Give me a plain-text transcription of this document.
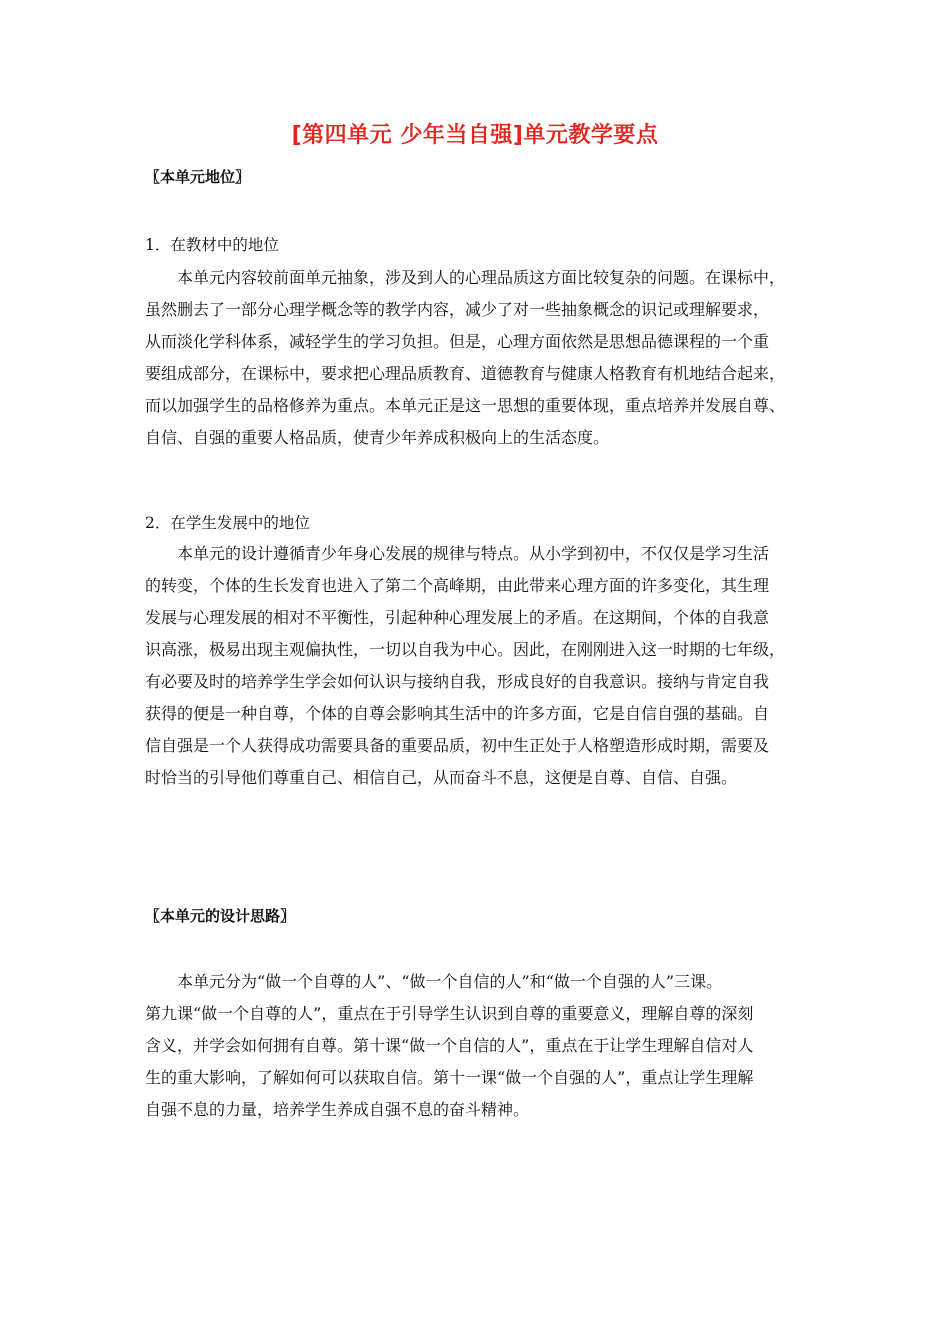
[第四单元 少年当自强]单元教学要点
〖本单元地位〗
1．在教材中的地位
本单元内容较前面单元抽象，涉及到人的心理品质这方面比较复杂的问题。在课标中，
虽然删去了一部分心理学概念等的教学内容，减少了对一些抽象概念的识记或理解要求，
从而淡化学科体系，减轻学生的学习负担。但是，心理方面依然是思想品德课程的一个重
要组成部分，在课标中，要求把心理品质教育、道德教育与健康人格教育有机地结合起来，
而以加强学生的品格修养为重点。本单元正是这一思想的重要体现，重点培养并发展自尊、
自信、自强的重要人格品质，使青少年养成积极向上的生活态度。
2．在学生发展中的地位
本单元的设计遵循青少年身心发展的规律与特点。从小学到初中，不仅仅是学习生活
的转变，个体的生长发育也进入了第二个高峰期，由此带来心理方面的许多变化，其生理
发展与心理发展的相对不平衡性，引起种种心理发展上的矛盾。在这期间，个体的自我意
识高涨，极易出现主观偏执性，一切以自我为中心。因此，在刚刚进入这一时期的七年级，
有必要及时的培养学生学会如何认识与接纳自我，形成良好的自我意识。接纳与肯定自我
获得的便是一种自尊，个体的自尊会影响其生活中的许多方面，它是自信自强的基础。自
信自强是一个人获得成功需要具备的重要品质，初中生正处于人格塑造形成时期，需要及
时恰当的引导他们尊重自己、相信自己，从而奋斗不息，这便是自尊、自信、自强。
〖本单元的设计思路〗
本单元分为“做一个自尊的人”、“做一个自信的人”和“做一个自强的人”三课。
第九课“做一个自尊的人”，重点在于引导学生认识到自尊的重要意义，理解自尊的深刻
含义，并学会如何拥有自尊。第十课“做一个自信的人”，重点在于让学生理解自信对人
生的重大影响，了解如何可以获取自信。第十一课“做一个自强的人”，重点让学生理解
自强不息的力量，培养学生养成自强不息的奋斗精神。
